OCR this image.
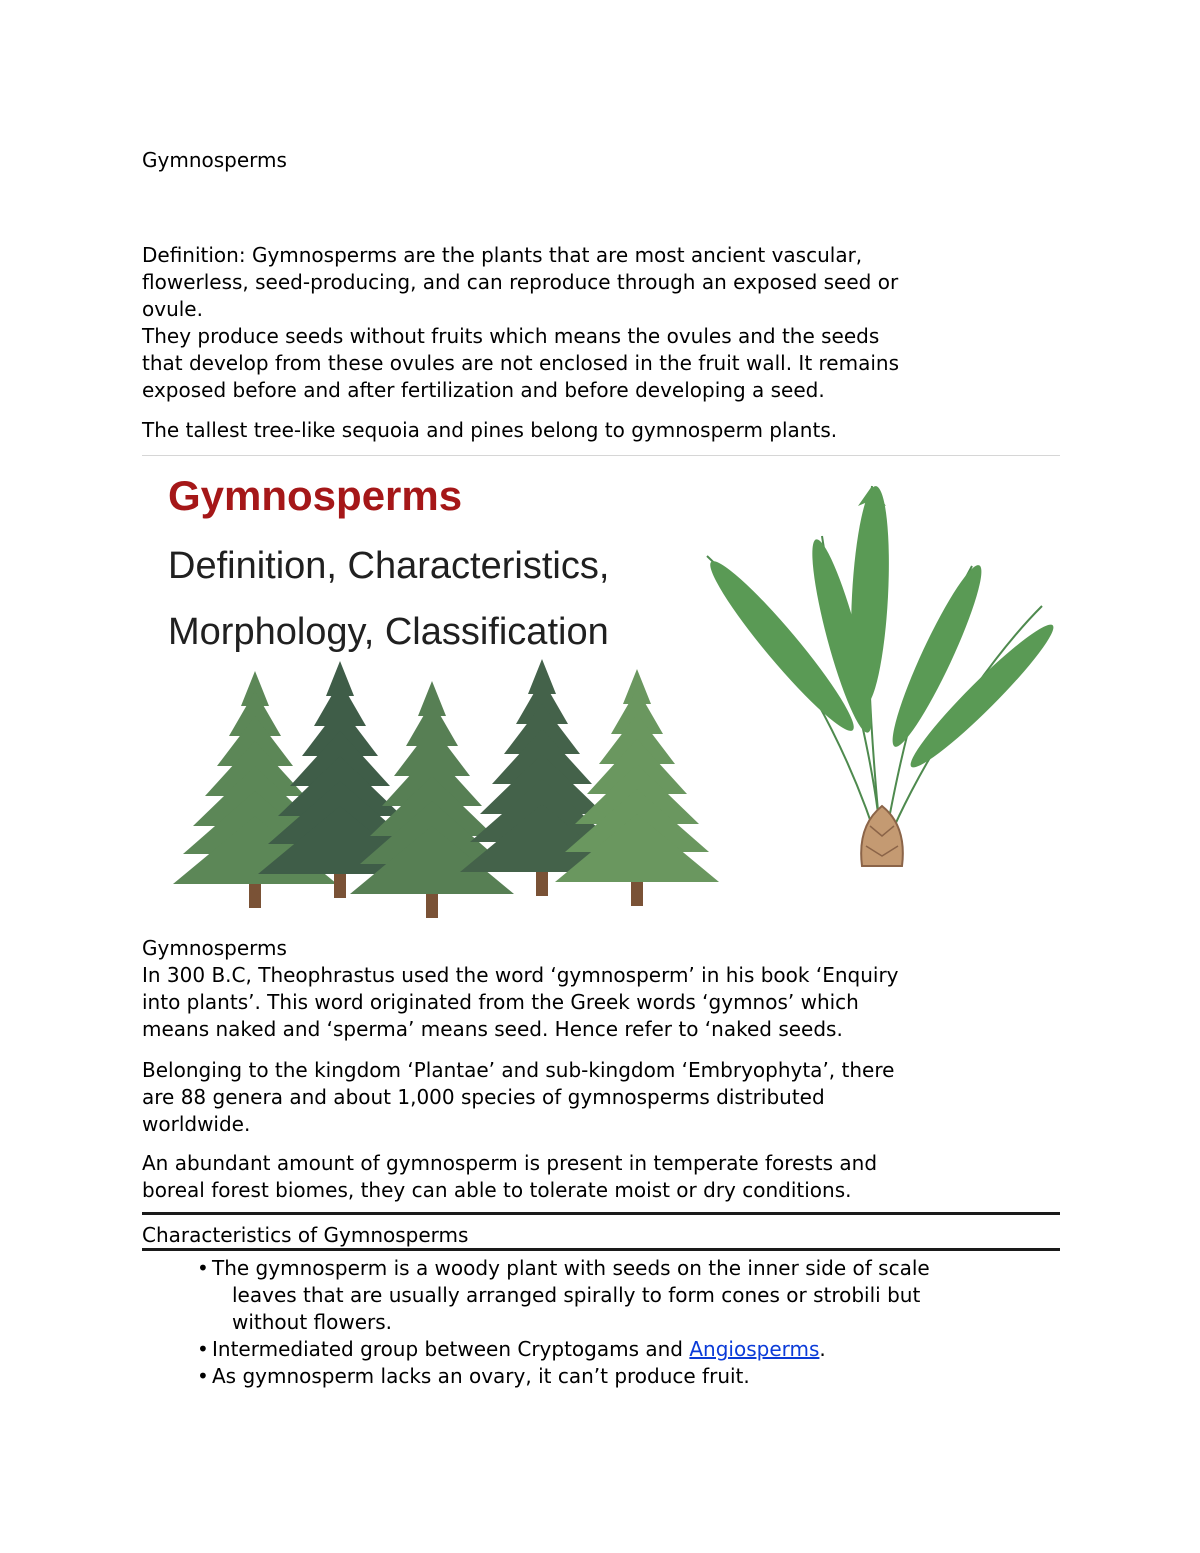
Gymnosperms
Definition: Gymnosperms are the plants that are most ancient vascular,
flowerless, seed-producing, and can reproduce through an exposed seed or
ovule.
They produce seeds without fruits which means the ovules and the seeds
that develop from these ovules are not enclosed in the fruit wall. It remains
exposed before and after fertilization and before developing a seed.
The tallest tree-like sequoia and pines belong to gymnosperm plants.
Gymnosperms
Definition, Characteristics,
Morphology, Classification
Gymnosperms
In 300 B.C, Theophrastus used the word ‘gymnosperm’ in his book ‘Enquiry
into plants’. This word originated from the Greek words ‘gymnos’ which
means naked and ‘sperma’ means seed. Hence refer to ‘naked seeds.
Belonging to the kingdom ‘Plantae’ and sub-kingdom ‘Embryophyta’, there
are 88 genera and about 1,000 species of gymnosperms distributed
worldwide.
An abundant amount of gymnosperm is present in temperate forests and
boreal forest biomes, they can able to tolerate moist or dry conditions.
Characteristics of Gymnosperms
• The gymnosperm is a woody plant with seeds on the inner side of scale
leaves that are usually arranged spirally to form cones or strobili but
without flowers.
• Intermediated group between Cryptogams and Angiosperms.
• As gymnosperm lacks an ovary, it can’t produce fruit.
